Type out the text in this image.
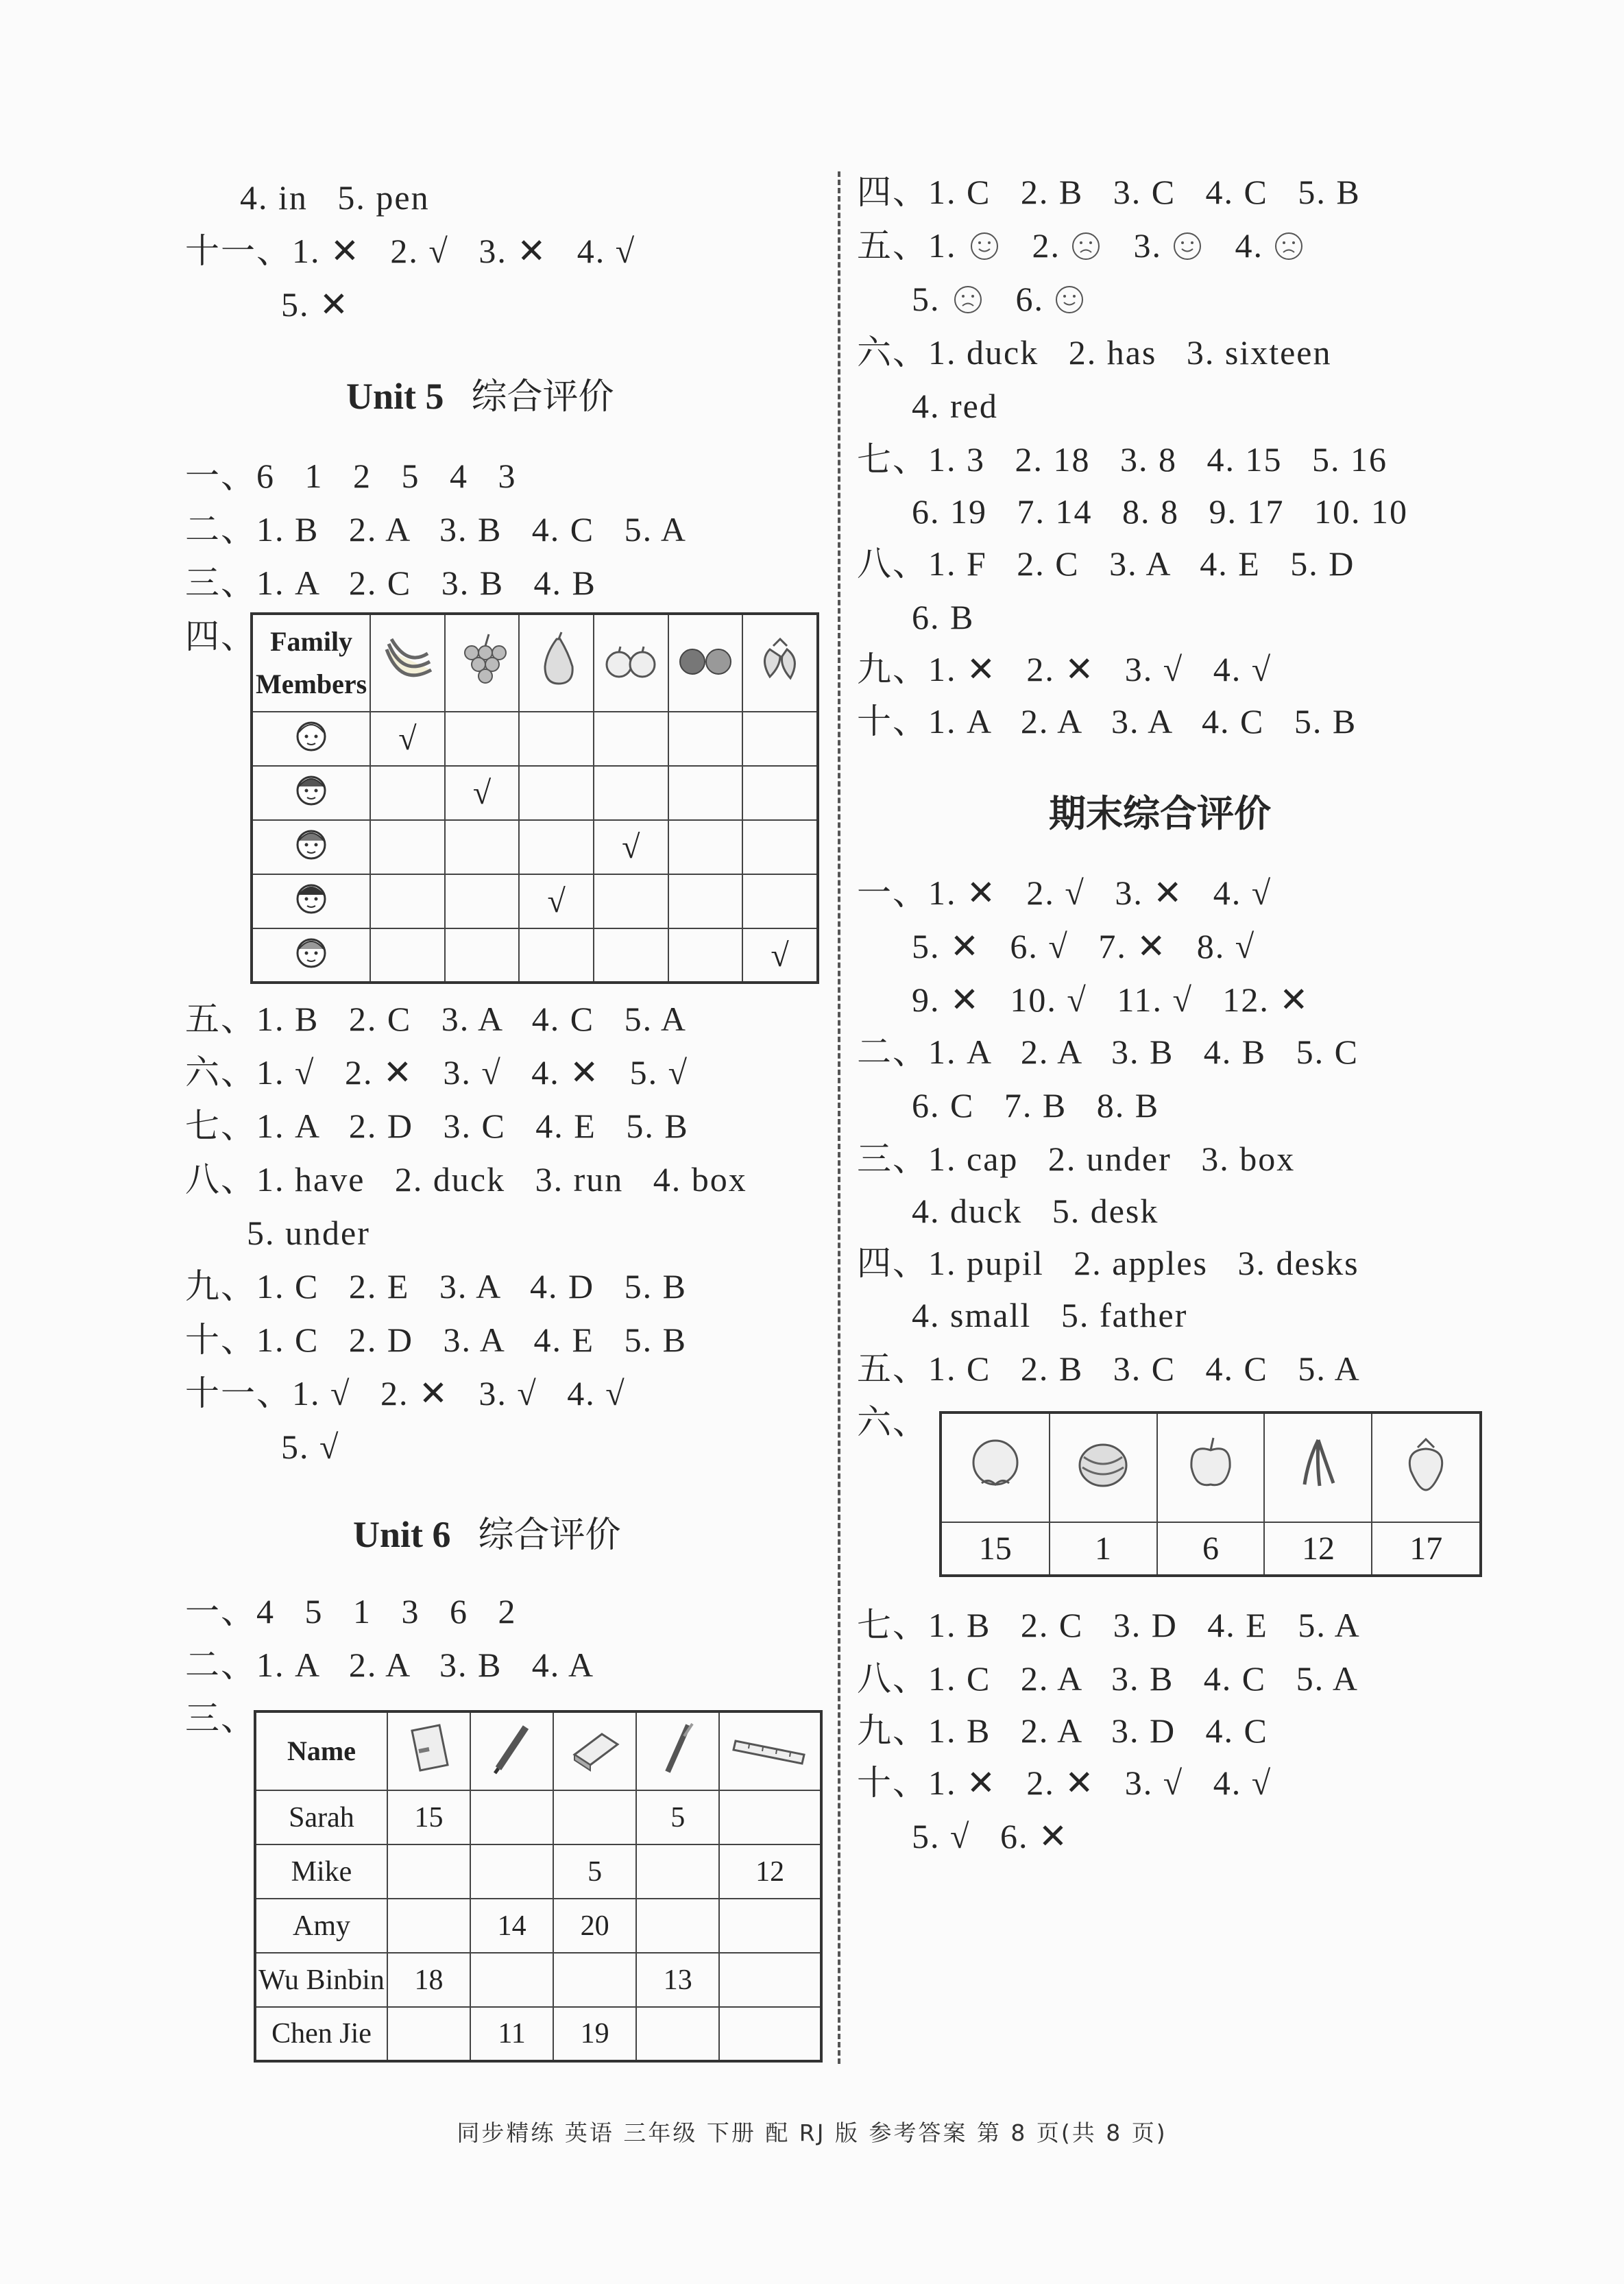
4. in   5. pen
十一、1. ✕   2. √   3. ✕   4. √
5. ✕
Unit 5 综合评价
一、6   1   2   5   4   3
二、1. B   2. A   3. B   4. C   5. A
三、1. A   2. C   3. B   4. B
四、 Family Members

	√					
		√				
				√		
			√			
						√
五、1. B   2. C   3. A   4. C   5. A
六、1. √   2. ✕   3. √   4. ✕   5. √
七、1. A   2. D   3. C   4. E   5. B
八、1. have   2. duck   3. run   4. box
5. under
九、1. C   2. E   3. A   4. D   5. B
十、1. C   2. D   3. A   4. E   5. B
十一、1. √   2. ✕   3. √   4. √
5. √
Unit 6 综合评价
一、4   5   1   3   6   2
二、1. A   2. A   3. B   4. A
三、
Name					
Sarah	15			5	
Mike			5		12
Amy		14	20		
Wu Binbin	18			13	
Chen Jie		11	19		
四、1. C   2. B   3. C   4. C   5. B
五、1. 2. 3. 4.
5. 6.
六、1. duck   2. has   3. sixteen
4. red
七、1. 3   2. 18   3. 8   4. 15   5. 16
6. 19   7. 14   8. 8   9. 17   10. 10
八、1. F   2. C   3. A   4. E   5. D
6. B
九、1. ✕   2. ✕   3. √   4. √
十、1. A   2. A   3. A   4. C   5. B
期末综合评价
一、1. ✕   2. √   3. ✕   4. √
5. ✕   6. √   7. ✕   8. √
9. ✕   10. √   11. √   12. ✕
二、1. A   2. A   3. B   4. B   5. C
6. C   7. B   8. B
三、1. cap   2. under   3. box
4. duck   5. desk
四、1. pupil   2. apples   3. desks
4. small   5. father
五、1. C   2. B   3. C   4. C   5. A
六、

15	1	6	12	17
七、1. B   2. C   3. D   4. E   5. A
八、1. C   2. A   3. B   4. C   5. A
九、1. B   2. A   3. D   4. C
十、1. ✕   2. ✕   3. √   4. √
5. √   6. ✕
同步精练 英语 三年级 下册 配 RJ 版 参考答案 第 8 页(共 8 页)
